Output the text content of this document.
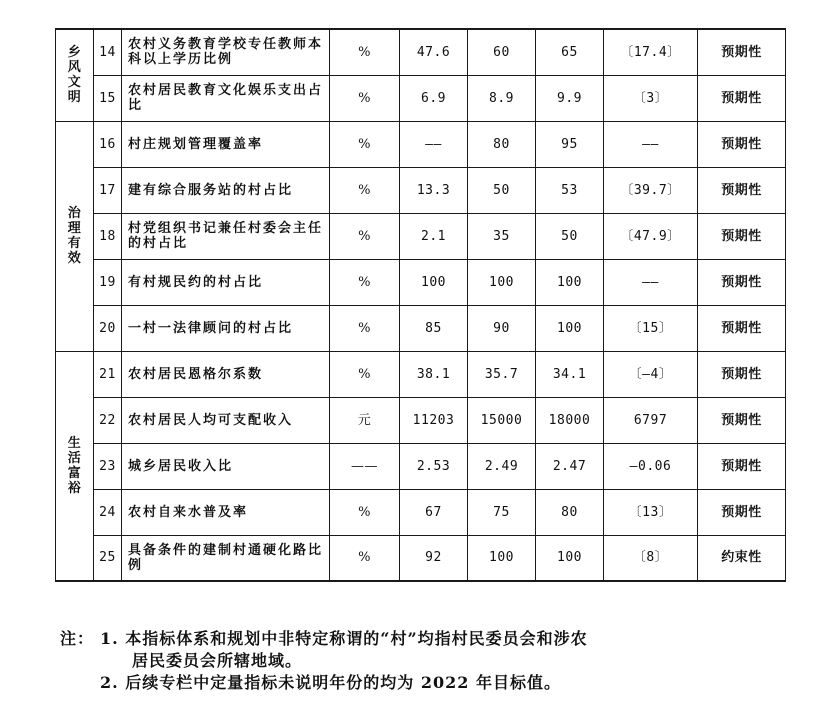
乡风文明	14	农村义务教育学校专任教师本科以上学历比例	%	47.6	60	65	〔17.4〕	预期性
	15	农村居民教育文化娱乐支出占比	%	6.9	8.9	9.9	〔3〕	预期性
治理有效	16	村庄规划管理覆盖率	%	——	80	95	——	预期性
	17	建有综合服务站的村占比	%	13.3	50	53	〔39.7〕	预期性
	18	村党组织书记兼任村委会主任的村占比	%	2.1	35	50	〔47.9〕	预期性
	19	有村规民约的村占比	%	100	100	100	——	预期性
	20	一村一法律顾问的村占比	%	85	90	100	〔15〕	预期性
生活富裕	21	农村居民恩格尔系数	%	38.1	35.7	34.1	〔—4〕	预期性
	22	农村居民人均可支配收入	元	11203	15000	18000	6797	预期性
	23	城乡居民收入比	——	2.53	2.49	2.47	—0.06	预期性
	24	农村自来水普及率	%	67	75	80	〔13〕	预期性
	25	具备条件的建制村通硬化路比例	%	92	100	100	〔8〕	约束性
注： 1. 本指标体系和规划中非特定称谓的“村”均指村民委员会和涉农
居民委员会所辖地域。
2. 后续专栏中定量指标未说明年份的均为 2022 年目标值。
